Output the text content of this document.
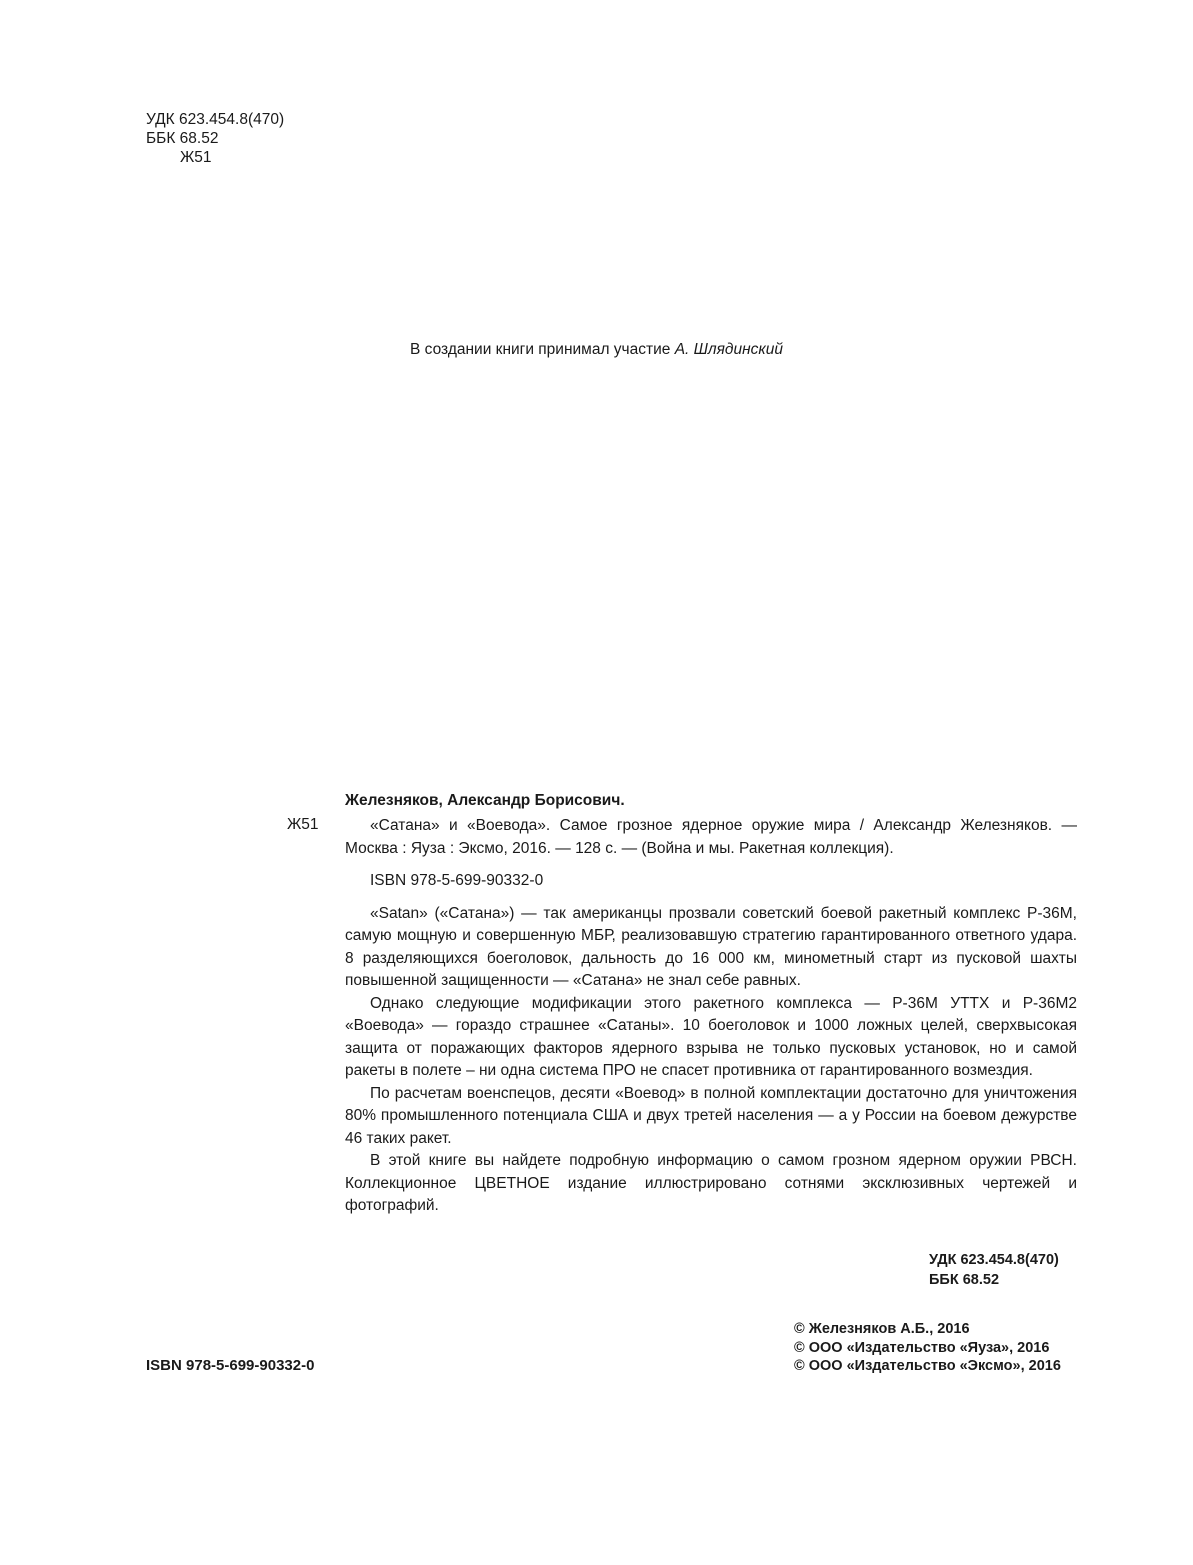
УДК 623.454.8(470)
ББК 68.52
Ж51
В создании книги принимал участие А. Шлядинский
Железняков, Александр Борисович.
Ж51	«Сатана» и «Воевода». Самое грозное ядерное оружие мира / Александр Железняков. — Москва : Яуза : Эксмо, 2016. — 128 с. — (Война и мы. Ракетная коллекция).

ISBN 978-5-699-90332-0

«Satan» («Сатана») — так американцы прозвали советский боевой ракетный комплекс Р-36М, самую мощную и совершенную МБР, реализовавшую стратегию гарантированного ответного удара. 8 разделяющихся боеголовок, дальность до 16 000 км, минометный старт из пусковой шахты повышенной защищенности — «Сатана» не знал себе равных.

Однако следующие модификации этого ракетного комплекса — Р-36М УТТХ и Р-36М2 «Воевода» — гораздо страшнее «Сатаны». 10 боеголовок и 1000 ложных целей, сверхвысокая защита от поражающих факторов ядерного взрыва не только пусковых установок, но и самой ракеты в полете – ни одна система ПРО не спасет противника от гарантированного возмездия.

По расчетам военспецов, десяти «Воевод» в полной комплектации достаточно для уничтожения 80% промышленного потенциала США и двух третей населения — а у России на боевом дежурстве 46 таких ракет.

В этой книге вы найдете подробную информацию о самом грозном ядерном оружии РВСН. Коллекционное ЦВЕТНОЕ издание иллюстрировано сотнями эксклюзивных чертежей и фотографий.

УДК 623.454.8(470)
ББК 68.52
ISBN 978-5-699-90332-0
© Железняков А.Б., 2016
© ООО «Издательство «Яуза», 2016
© ООО «Издательство «Эксмо», 2016
